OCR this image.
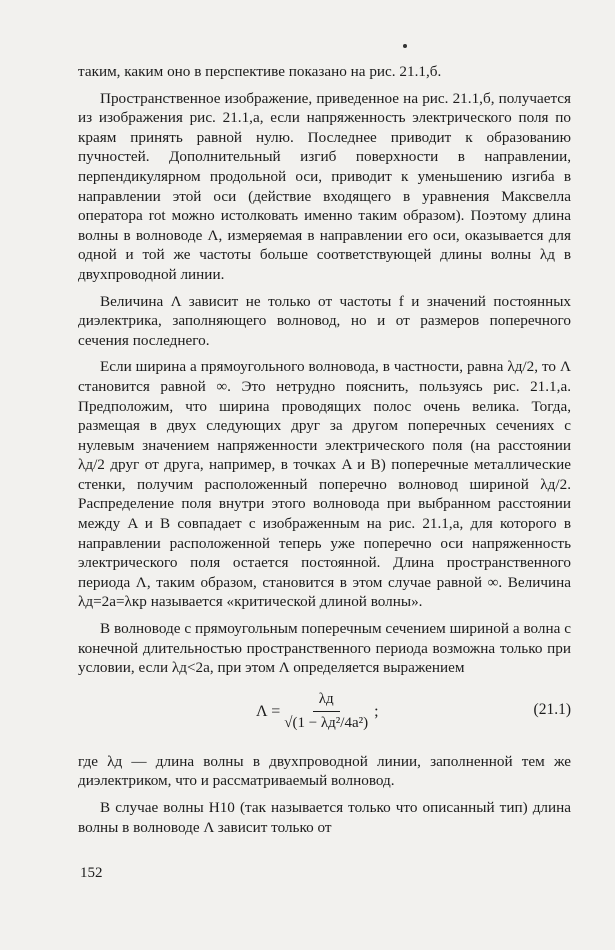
таким, каким оно в перспективе показано на рис. 21.1,б.

Пространственное изображение, приведенное на рис. 21.1,б, получается из изображения рис. 21.1,а, если напряженность электрического поля по краям принять равной нулю. Последнее приводит к образованию пучностей. Дополнительный изгиб поверхности в направлении, перпендикулярном продольной оси, приводит к уменьшению изгиба в направлении этой оси (действие входящего в уравнения Максвелла оператора rot можно истолковать именно таким образом). Поэтому длина волны в волноводе Λ, измеряемая в направлении его оси, оказывается для одной и той же частоты больше соответствующей длины волны λд в двухпроводной линии.

Величина Λ зависит не только от частоты f и значений постоянных диэлектрика, заполняющего волновод, но и от размеров поперечного сечения последнего.

Если ширина a прямоугольного волновода, в частности, равна λд/2, то Λ становится равной ∞. Это нетрудно пояснить, пользуясь рис. 21.1,а. Предположим, что ширина проводящих полос очень велика. Тогда, размещая в двух следующих друг за другом поперечных сечениях с нулевым значением напряженности электрического поля (на расстоянии λд/2 друг от друга, например, в точках A и B) поперечные металлические стенки, получим расположенный поперечно волновод шириной λд/2. Распределение поля внутри этого волновода при выбранном расстоянии между A и B совпадает с изображенным на рис. 21.1,а, для которого в направлении расположенной теперь уже поперечно оси напряженность электрического поля остается постоянной. Длина пространственного периода Λ, таким образом, становится в этом случае равной ∞. Величина λд=2a=λкр называется «критической длиной волны».

В волноводе с прямоугольным поперечным сечением шириной a волна с конечной длительностью пространственного периода возможна только при условии, если λд<2a, при этом Λ определяется выражением

$\Lambda = \frac{\lambda д}{\text{√(1 − λд²/4a²)}}$ ;	(21.1)

где λд — длина волны в двухпроводной линии, заполненной тем же диэлектриком, что и рассматриваемый волновод.

В случае волны H10 (так называется только что описанный тип) длина волны в волноводе Λ зависит только от

152
